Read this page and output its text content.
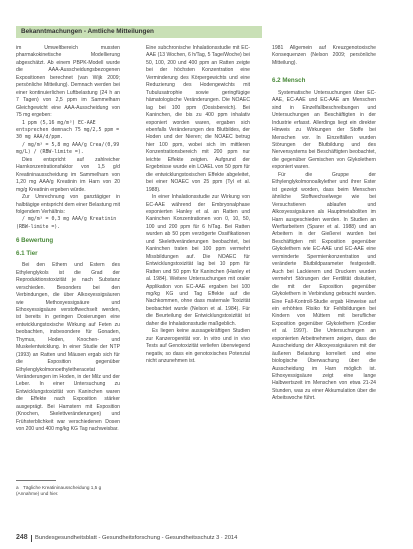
Bekanntmachungen - Amtliche Mitteilungen

im Umweltbereich mussten pharmakokinetische Modellierung abgeschätzt. Ab einem PBPK-Modell wurde die AAA-Ausscheidungsbezogenen Expositionen berechnet (van Wijk 2009; persönliche Mitteilung). Demnach werden bei einer kontinuierlichen Luftbelastung (24 h an 7 Tagen) von 2,5 ppm im Sammelharn Gleichgewicht eine AAA-Ausscheidung von 75 mg ergeben:

1 ppm (5,16 mg/m³) EC-AAE entsprechen demnach 75 mg/2,5 ppm = 30 mg AAA/d/ppm.

/ mg/m³ = 5,8 mg AAA/g Crea/(0,99 mg/L) / (RBW-limite =).

Dies entspricht auf zahlreicher Harnkonzentrationsfaktor von 1,5 g/d Kreatininausscheidung im Sammelharn von 1,20 mg AAA/g Kreatinin im Harn von 20 mg/g Kreatinin ergeben würde.

Zur Umrechnung von ganztägiger in halbtägige entspricht dem einer Belastung mit folgendem Verhältnis:

/ mg/m³ = 0,3 mg AAA/g Kreatinin (RBW-limite =).

6 Bewertung

6.1 Tier

Bei den Ethern und Estern des Ethylenglykols ist die Grad der Reproduktionstoxizität je nach Substanz verschieden. Besonders bei den Verbindungen, die über Alkoxyessigsäuren wie Methoxyessigsäure und Ethoxyessigsäure verstoffwechselt werden, ist bereits in geringen Dosierungen eine entwicklungstoxische Wirkung auf Feten zu beobachten, insbesondere für Gonaden, Thymus, Hoden, Knochen- und Muskelentwicklung. In einer Studie der NTP (1993) an Ratten und Mäusen ergab sich für die Exposition gegenüber Ethylenglykolmonoethyletheracetat Veränderungen im Hoden, in der Milz und der Leber. In einer Untersuchung zu Entwicklungstoxizität von Kaninchen waren die Effekte nach Exposition stärker ausgeprägt. Bei Hamstern mit Exposition (Knochen, Skelettveränderungen) und Frühsterblichkeit war verschiedenen Dosen von 200 und 400 mg/kg KG Tag nachweisbar.

Eine subchronische Inhalationsstudie mit EC-AAE (13 Wochen, 6 h/Tag, 5 Tage/Woche) bei 50, 100, 200 und 400 ppm an Ratten zeigte bei der höchsten Konzentration eine Verminderung des Körpergewichts und eine Reduzierung des Hodengewichts mit Tubulusatrophie sowie geringfügige hämatologische Veränderungen. Die NOAEC lag bei 100 ppm (Dosisbereich). Bei Kaninchen, die bis zu 400 ppm inhalativ exponiert worden waren, ergaben sich ebenfalls Veränderungen des Blutbildes, der Hoden und der Nieren; die NOAEC betrug hier 100 ppm, wobei sich im mittleren Konzentrationsbereich mit 200 ppm nur leichte Effekte zeigten. Aufgrund der Ergebnisse wurde ein LOAEL von 50 ppm für die entwicklungstoxischen Effekte abgeleitet, bei einer NOAEC von 25 ppm (Tyl et al. 1988).

In einer Inhalationsstudie zur Wirkung von EC-AAE während der Embryonalphase exponierten Hanley et al. an Ratten und Kaninchen Konzentrationen von 0, 10, 50, 100 und 200 ppm für 6 h/Tag. Bei Ratten wurden ab 50 ppm verzögerte Ossifikationen und Skelettveränderungen beobachtet, bei Kaninchen traten bei 100 ppm vermehrt Missbildungen auf. Die NOAEC für Entwicklungstoxizität lag bei 10 ppm für Ratten und 50 ppm für Kaninchen (Hanley et al. 1984). Weitere Untersuchungen mit oraler Applikation von EC-AAE ergaben bei 100 mg/kg KG und Tag Effekte auf die Nachkommen, ohne dass maternale Toxizität beobachtet wurde (Nelson et al. 1984). Für die Beurteilung der Entwicklungstoxizität ist daher die Inhalationsstudie maßgeblich.

Es liegen keine aussagekräftigen Studien zur Kanzerogenität vor. In vitro und in vivo Tests auf Genotoxizität verliefen überwiegend negativ, so dass ein genotoxisches Potenzial nicht anzunehmen ist.

1981 Allgemein auf Kreuzgenotoxische Konsequenzen (Nelson 2009; persönliche Mitteilung).

6.2 Mensch

Systematische Untersuchungen über EC-AAE, EC-AAE und EC-AAE am Menschen sind in Einzelfallbeschreibungen und Untersuchungen an Beschäftigten in der Industrie erfasst. Allerdings liegt ein direkter Hinweis zu Wirkungen der Stoffe bei Menschen vor. In Einzelfällen wurden Störungen der Blutbildung und des Nervensystems bei Beschäftigten beobachtet, die gegenüber Gemischen von Glykolethern exponiert waren.

Für die Gruppe der Ethylenglykolmonoalkylether und ihrer Ester ist gezeigt worden, dass beim Menschen ähnliche Stoffwechselwege wie bei Versuchstieren ablaufen und Alkoxyessigsäuren als Hauptmetaboliten im Harn ausgeschieden werden. In Studien an Werftarbeitern (Sparer et al. 1988) und an Arbeitern in der Gießerei wurden bei Beschäftigten mit Exposition gegenüber Glykolethern wie EC-AAE und EC-AAE eine verminderte Spermienkonzentration und veränderte Blutbildparameter festgestellt. Auch bei Lackierern und Druckern wurden vermehrt Störungen der Fertilität diskutiert, die mit der Exposition gegenüber Glykolethern in Verbindung gebracht wurden. Eine Fall-Kontroll-Studie ergab Hinweise auf ein erhöhtes Risiko für Fehlbildungen bei Kindern von Müttern mit beruflicher Exposition gegenüber Glykolethern (Cordier et al. 1997). Die Untersuchungen an exponierten Arbeitnehmern zeigen, dass die Ausscheidung der Alkoxyessigsäuren mit der äußeren Belastung korreliert und eine biologische Überwachung über die Ausscheidung im Harn möglich ist. Ethoxyessigsäure zeigt eine lange Halbwertszeit im Menschen von etwa 21-24 Stunden, was zu einer Akkumulation über die Arbeitswoche führt.

a Tägliche Kreatininausscheidung 1,5 g (Annahme) und hier.
248 Bundesgesundheitsblatt - Gesundheitsforschung - Gesundheitsschutz 3 · 2014
